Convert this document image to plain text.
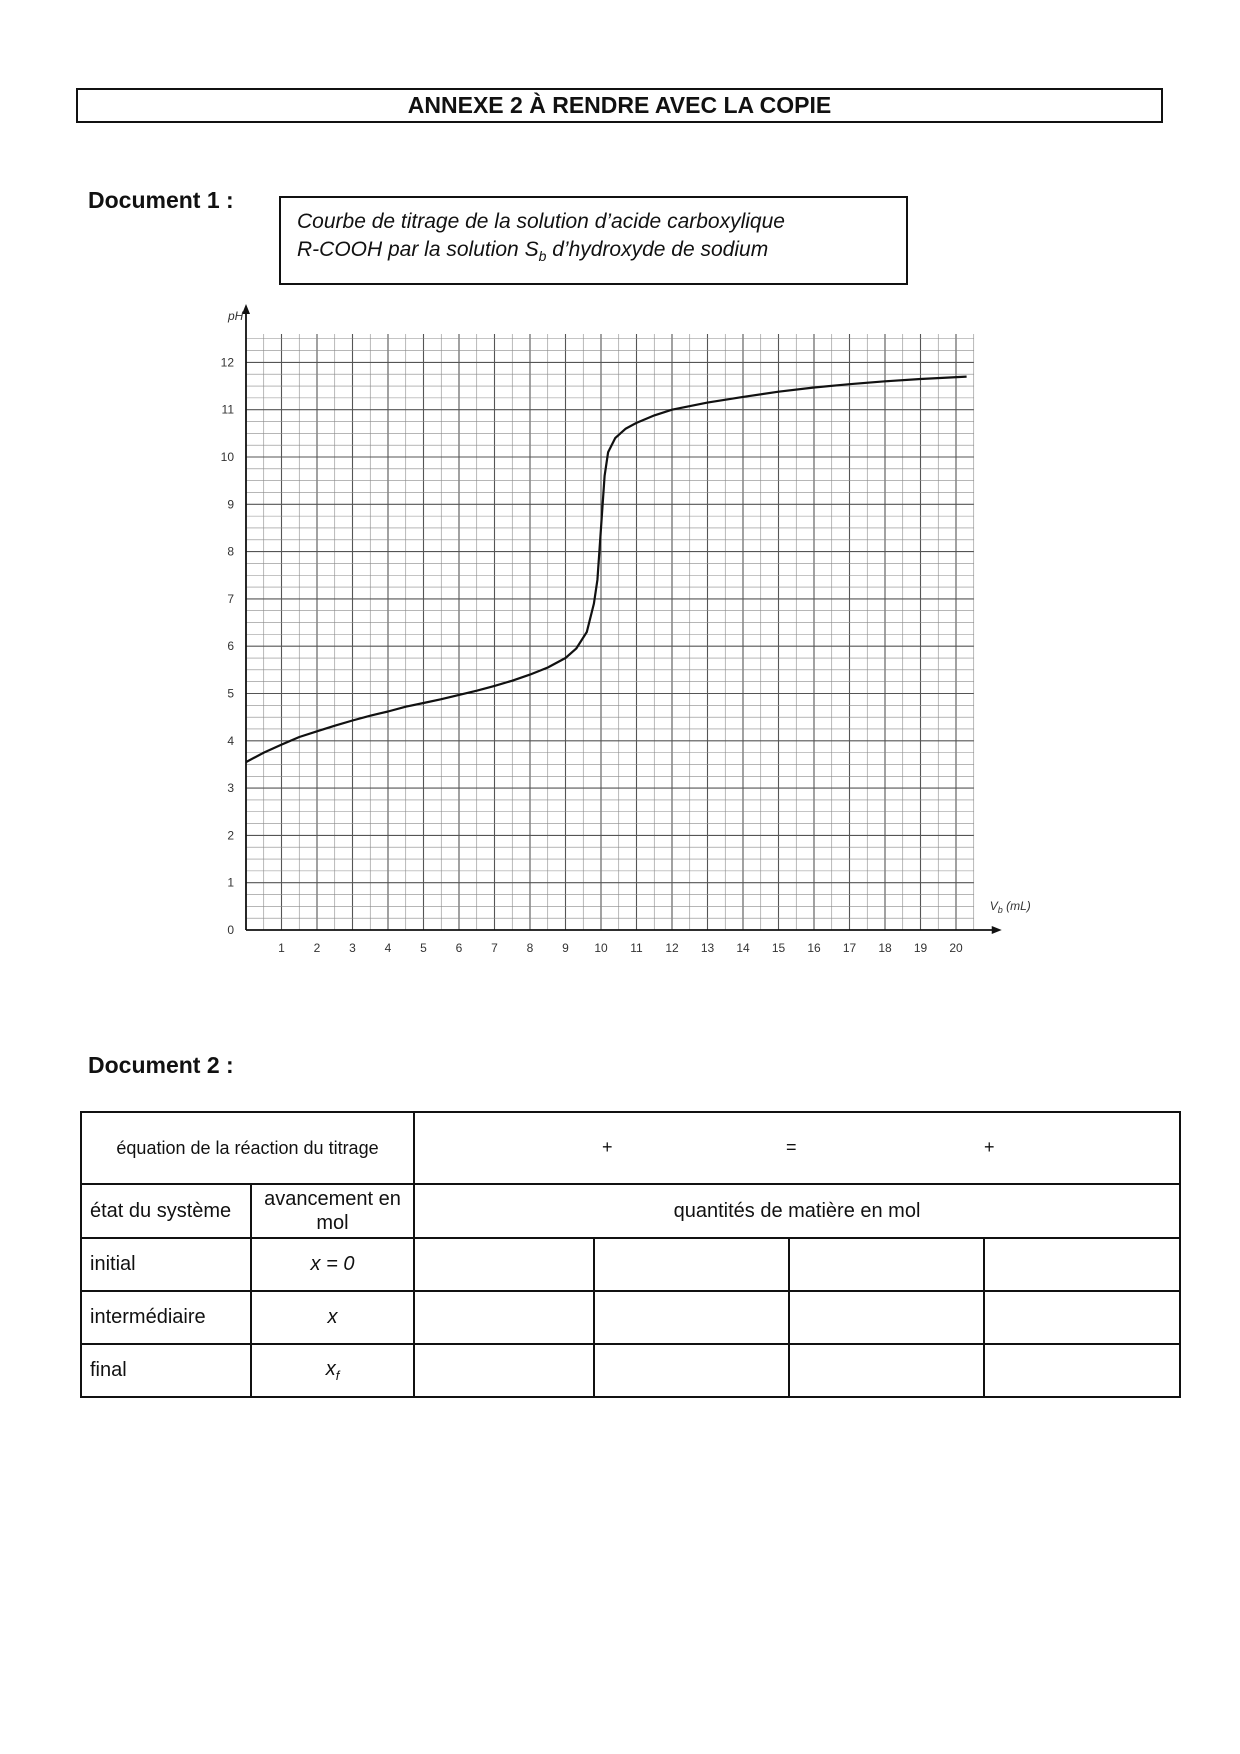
ANNEXE 2 À RENDRE AVEC LA COPIE
Document 1 :
Courbe de titrage de la solution d’acide carboxylique
R-COOH par la solution $S_b$ d’hydroxyde de sodium
1 2 3 4 5 6 7 8 9 10 11 12 13 14 15 16 17 18 19 20
0
1
2
3
4
5
6
7
8
9
10
11
12
pH
$V_b$ (mL)
Document 2 :
équation de la réaction du titrage		+ = +			

état du système	avancement en mol	quantités de matière en mol			
initial	x = 0				
intermédiaire	x				
final	$x_f$				
